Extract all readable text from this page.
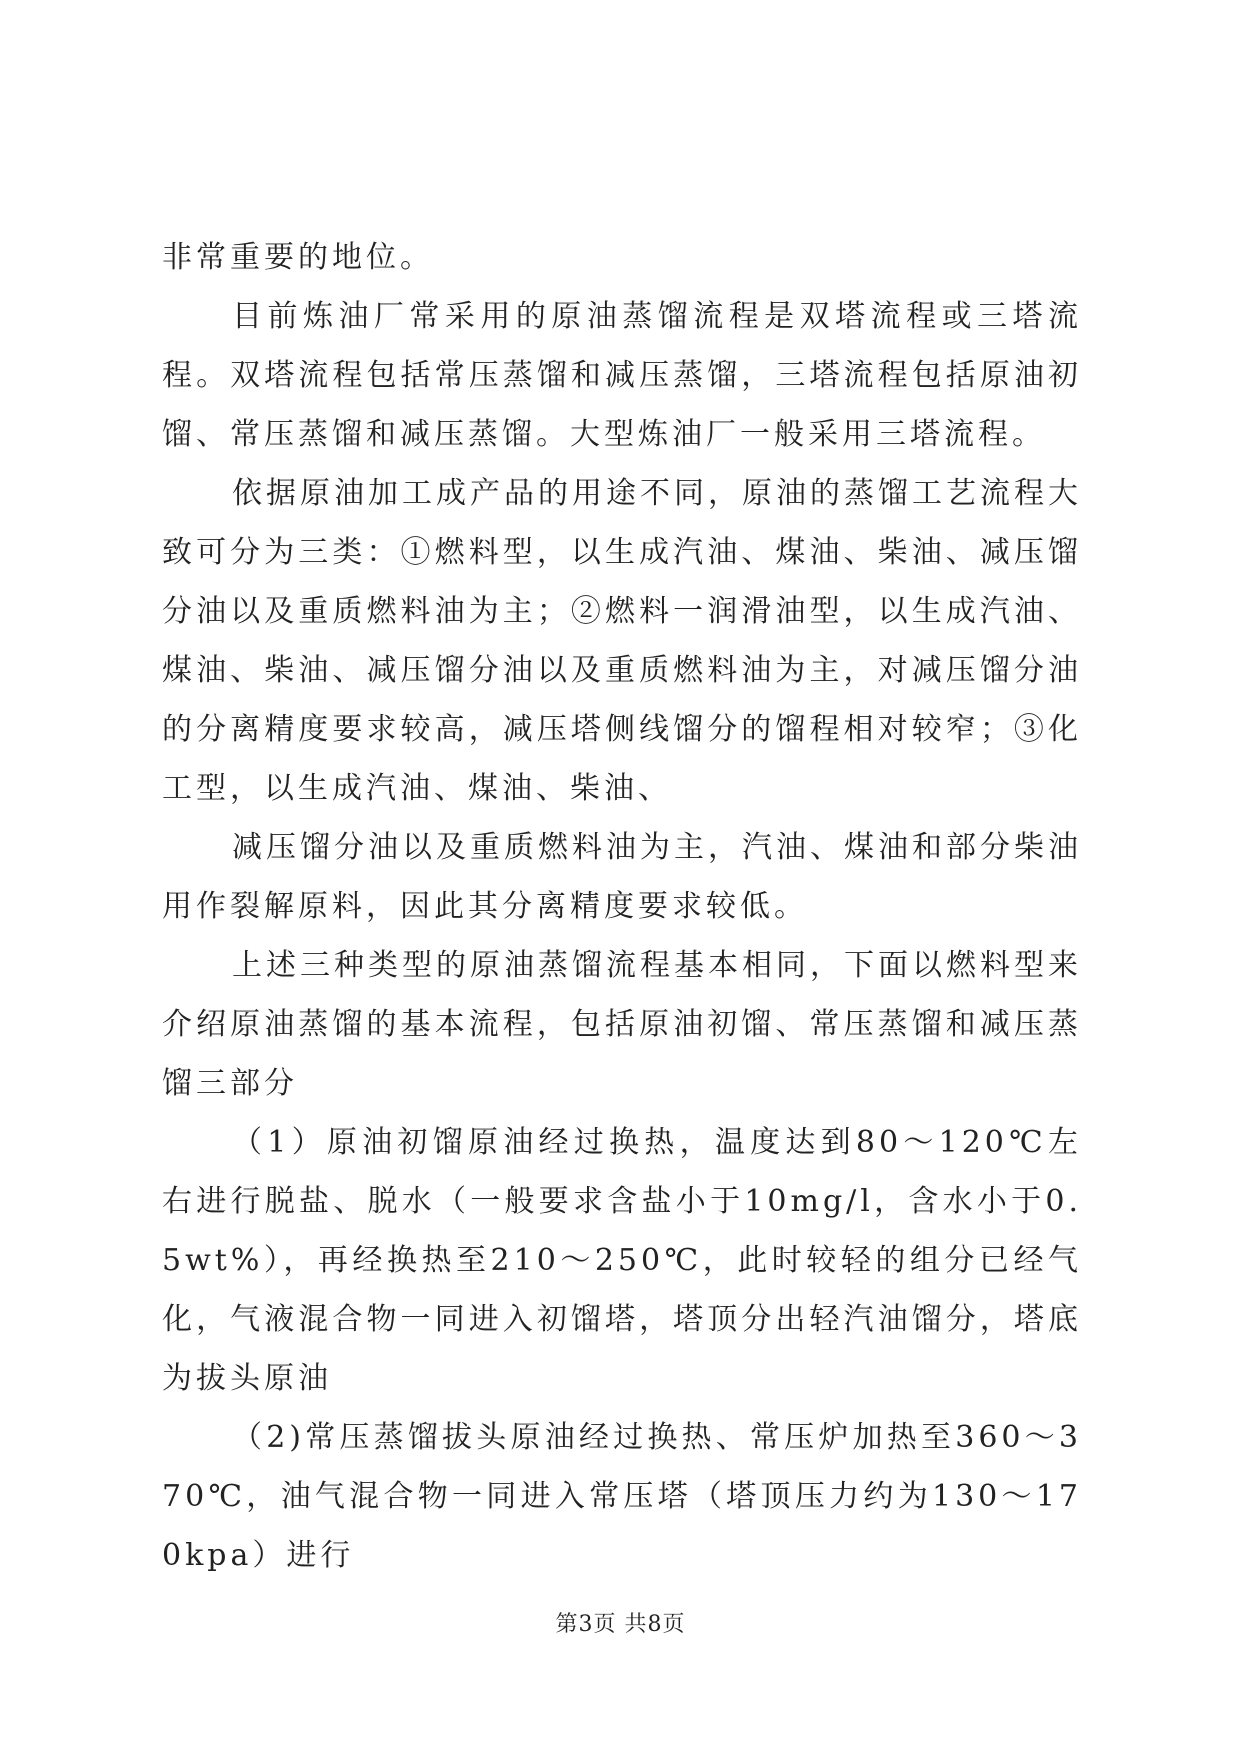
非常重要的地位。

目前炼油厂常采用的原油蒸馏流程是双塔流程或三塔流程。双塔流程包括常压蒸馏和减压蒸馏，三塔流程包括原油初馏、常压蒸馏和减压蒸馏。大型炼油厂一般采用三塔流程。

依据原油加工成产品的用途不同，原油的蒸馏工艺流程大致可分为三类：①燃料型，以生成汽油、煤油、柴油、减压馏分油以及重质燃料油为主；②燃料一润滑油型，以生成汽油、煤油、柴油、减压馏分油以及重质燃料油为主，对减压馏分油的分离精度要求较高，减压塔侧线馏分的馏程相对较窄；③化工型，以生成汽油、煤油、柴油、

减压馏分油以及重质燃料油为主，汽油、煤油和部分柴油用作裂解原料，因此其分离精度要求较低。

上述三种类型的原油蒸馏流程基本相同，下面以燃料型来介绍原油蒸馏的基本流程，包括原油初馏、常压蒸馏和减压蒸馏三部分

（1）原油初馏原油经过换热，温度达到80～120℃左右进行脱盐、脱水（一般要求含盐小于10mg/l，含水小于0.5wt%），再经换热至210～250℃，此时较轻的组分已经气化，气液混合物一同进入初馏塔，塔顶分出轻汽油馏分，塔底为拔头原油

（2)常压蒸馏拔头原油经过换热、常压炉加热至360～370℃，油气混合物一同进入常压塔（塔顶压力约为130～170kpa）进行

第3页 共8页
